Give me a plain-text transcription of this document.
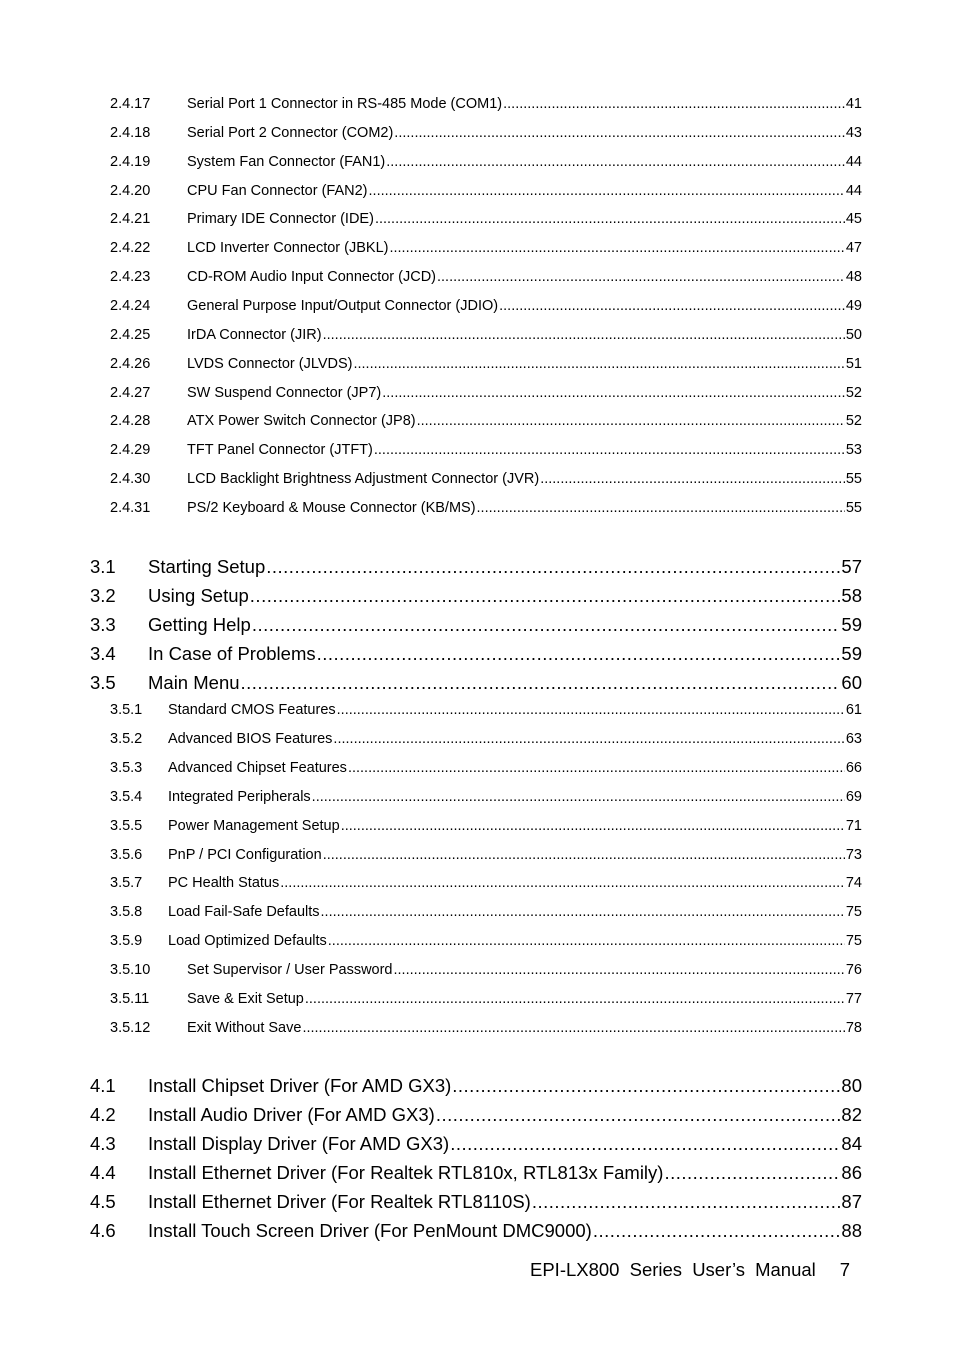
2.4.17	Serial Port 1 Connector in RS-485 Mode (COM1) .....	41
2.4.18	Serial Port 2 Connector (COM2) .....	43
2.4.19	System Fan Connector (FAN1) .....	44
2.4.20	CPU Fan Connector (FAN2) .....	44
2.4.21	Primary IDE Connector (IDE) .....	45
2.4.22	LCD Inverter Connector (JBKL) .....	47
2.4.23	CD-ROM Audio Input Connector (JCD) .....	48
2.4.24	General Purpose Input/Output Connector (JDIO) .....	49
2.4.25	IrDA Connector (JIR) .....	50
2.4.26	LVDS Connector (JLVDS) .....	51
2.4.27	SW Suspend Connector (JP7) .....	52
2.4.28	ATX Power Switch Connector (JP8) .....	52
2.4.29	TFT Panel Connector (JTFT) .....	53
2.4.30	LCD Backlight Brightness Adjustment Connector (JVR) .....	55
2.4.31	PS/2 Keyboard & Mouse Connector (KB/MS) .....	55
3.1	Starting Setup .....	57
3.2	Using Setup .....	58
3.3	Getting Help .....	59
3.4	In Case of Problems .....	59
3.5	Main Menu .....	60
3.5.1	Standard CMOS Features .....	61
3.5.2	Advanced BIOS Features .....	63
3.5.3	Advanced Chipset Features .....	66
3.5.4	Integrated Peripherals .....	69
3.5.5	Power Management Setup .....	71
3.5.6	PnP / PCI Configuration .....	73
3.5.7	PC Health Status .....	74
3.5.8	Load Fail-Safe Defaults .....	75
3.5.9	Load Optimized Defaults .....	75
3.5.10	Set Supervisor / User Password .....	76
3.5.11	Save & Exit Setup .....	77
3.5.12	Exit Without Save .....	78
4.1	Install Chipset Driver (For AMD GX3) .....	80
4.2	Install Audio Driver (For AMD GX3) .....	82
4.3	Install Display Driver (For AMD GX3) .....	84
4.4	Install Ethernet Driver (For Realtek RTL810x, RTL813x Family) .....	86
4.5	Install Ethernet Driver (For Realtek RTL8110S) .....	87
4.6	Install Touch Screen Driver (For PenMount DMC9000) .....	88
EPI-LX800 Series User’s Manual 7
